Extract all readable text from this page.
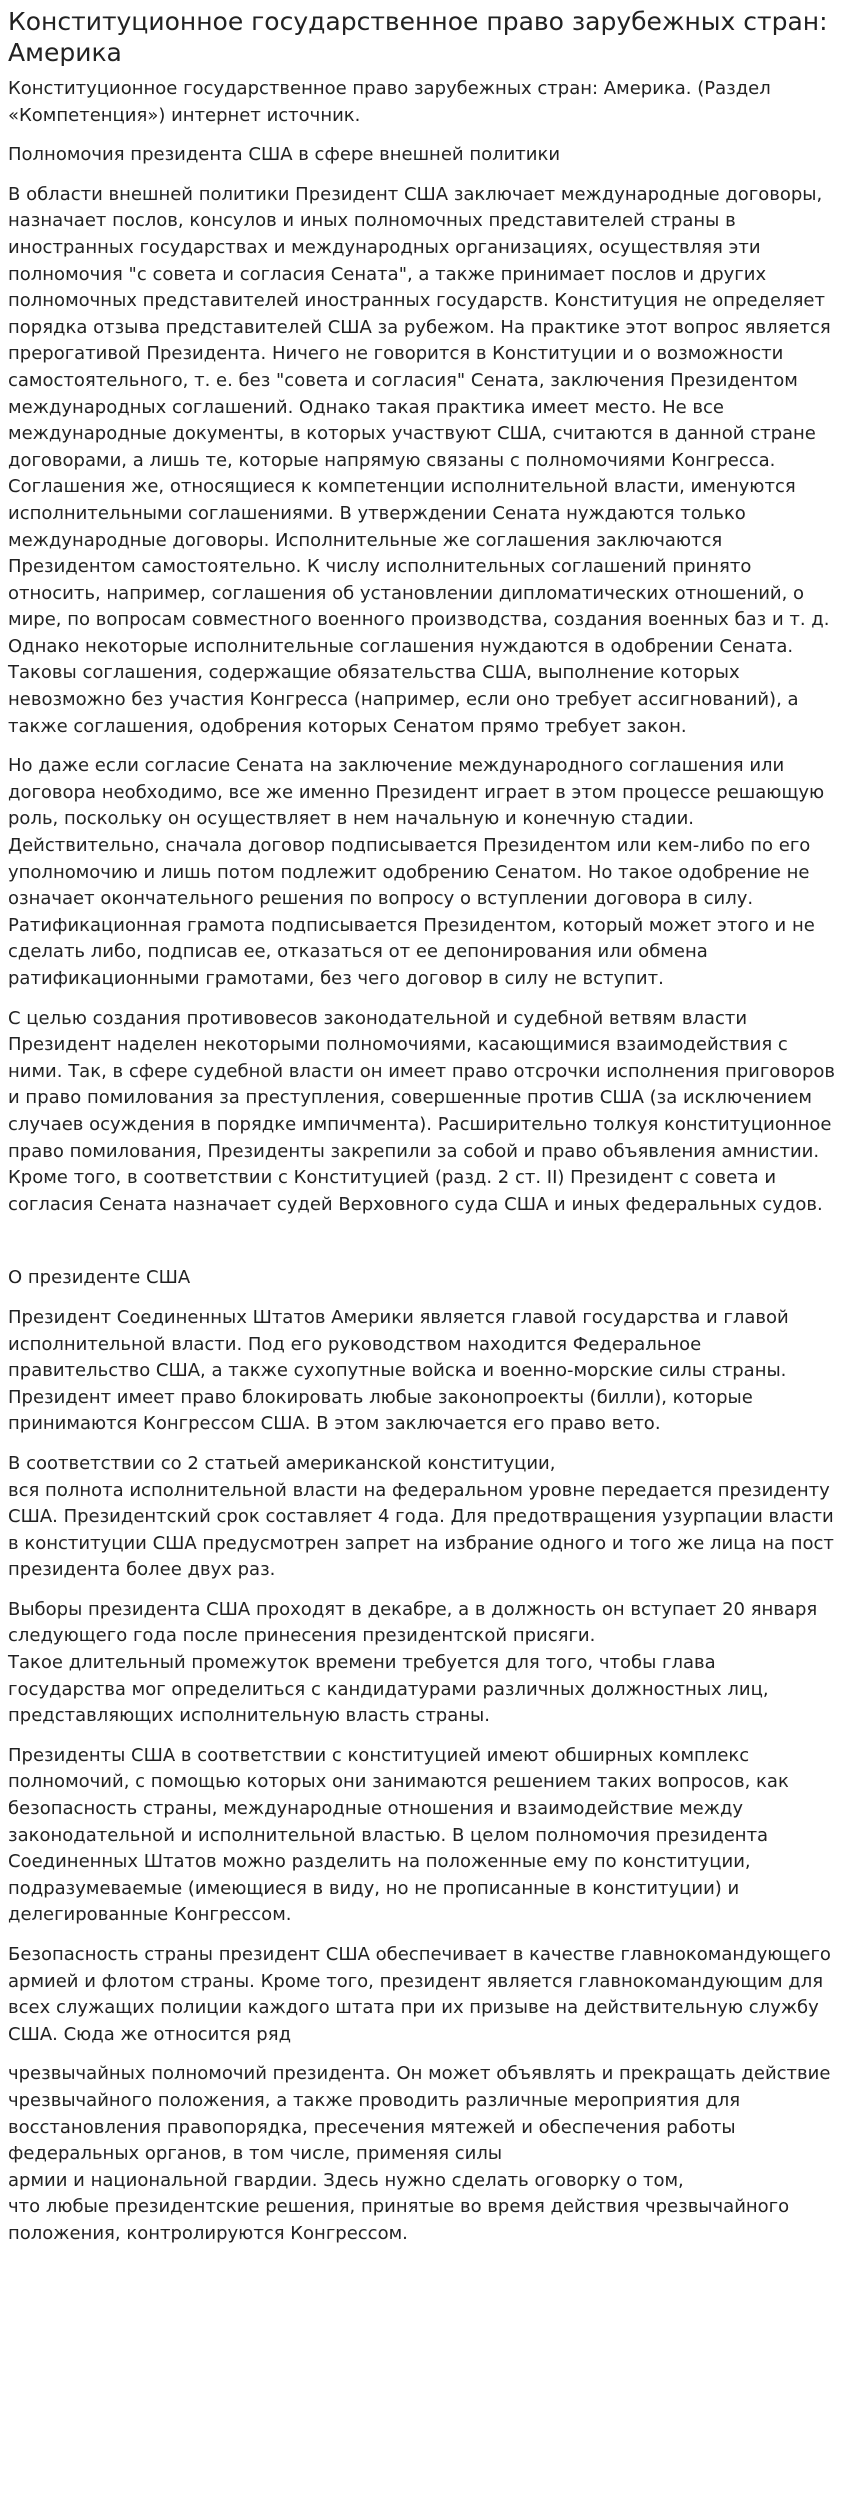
Конституционное государственное право зарубежных стран: Америка

Конституционное государственное право зарубежных стран: Америка. (Раздел «Компетенция») интернет источник.

Полномочия президента США в сфере внешней политики

В области внешней политики Президент США заключает международные договоры, назначает послов, консулов и иных полномочных представителей страны в иностранных государствах и международных организациях, осуществляя эти полномочия "с совета и согласия Сената", а также принимает послов и других полномочных представителей иностранных государств. Конституция не определяет порядка отзыва представителей США за рубежом. На практике этот вопрос является прерогативой Президента. Ничего не говорится в Конституции и о возможности самостоятельного, т. е. без "совета и согласия" Сената, заключения Президентом международных соглашений. Однако такая практика имеет место. Не все международные документы, в которых участвуют США, считаются в данной стране договорами, а лишь те, которые напрямую связаны с полномочиями Конгресса. Соглашения же, относящиеся к компетенции исполнительной власти, именуются исполнительными соглашениями. В утверждении Сената нуждаются только международные договоры. Исполнительные же соглашения заключаются Президентом самостоятельно. К числу исполнительных соглашений принято относить, например, соглашения об установлении дипломатических отношений, о мире, по вопросам совместного военного производства, создания военных баз и т. д. Однако некоторые исполнительные соглашения нуждаются в одобрении Сената. Таковы соглашения, содержащие обязательства США, выполнение которых невозможно без участия Конгресса (например, если оно требует ассигнований), а также соглашения, одобрения которых Сенатом прямо требует закон.

Но даже если согласие Сената на заключение международного соглашения или договора необходимо, все же именно Президент играет в этом процессе решающую роль, поскольку он осуществляет в нем начальную и конечную стадии. Действительно, сначала договор подписывается Президентом или кем-либо по его уполномочию и лишь потом подлежит одобрению Сенатом. Но такое одобрение не означает окончательного решения по вопросу о вступлении договора в силу. Ратификационная грамота подписывается Президентом, который может этого и не сделать либо, подписав ее, отказаться от ее депонирования или обмена ратификационными грамотами, без чего договор в силу не вступит.

С целью создания противовесов законодательной и судебной ветвям власти Президент наделен некоторыми полномочиями, касающимися взаимодействия с ними. Так, в сфере судебной власти он имеет право отсрочки исполнения приговоров и право помилования за преступления, совершенные против США (за исключением случаев осуждения в порядке импичмента). Расширительно толкуя конституционное право помилования, Президенты закрепили за собой и право объявления амнистии. Кроме того, в соответствии с Конституцией (разд. 2 ст. II) Президент с совета и согласия Сената назначает судей Верховного суда США и иных федеральных судов.

О президенте США

Президент Соединенных Штатов Америки является главой государства и главой исполнительной власти. Под его руководством находится Федеральное правительство США, а также сухопутные войска и военно-морские силы страны. Президент имеет право блокировать любые законопроекты (билли), которые принимаются Конгрессом США. В этом заключается его право вето.

В соответствии со 2 статьей американской конституции,
вся полнота исполнительной власти на федеральном уровне передается президенту США. Президентский срок составляет 4 года. Для предотвращения узурпации власти в конституции США предусмотрен запрет на избрание одного и того же лица на пост президента более двух раз.

Выборы президента США проходят в декабре, а в должность он вступает 20 января следующего года после принесения президентской присяги.
Такое длительный промежуток времени требуется для того, чтобы глава государства мог определиться с кандидатурами различных должностных лиц, представляющих исполнительную власть страны.

Президенты США в соответствии с конституцией имеют обширных комплекс полномочий, с помощью которых они занимаются решением таких вопросов, как безопасность страны, международные отношения и взаимодействие между законодательной и исполнительной властью. В целом полномочия президента Соединенных Штатов можно разделить на положенные ему по конституции, подразумеваемые (имеющиеся в виду, но не прописанные в конституции) и делегированные Конгрессом.

Безопасность страны президент США обеспечивает в качестве главнокомандующего армией и флотом страны. Кроме того, президент является главнокомандующим для всех служащих полиции каждого штата при их призыве на действительную службу США. Сюда же относится ряд

чрезвычайных полномочий президента. Он может объявлять и прекращать действие чрезвычайного положения, а также проводить различные мероприятия для восстановления правопорядка, пресечения мятежей и обеспечения работы федеральных органов, в том числе, применяя силы
армии и национальной гвардии. Здесь нужно сделать оговорку о том,
что любые президентские решения, принятые во время действия чрезвычайного положения, контролируются Конгрессом.
